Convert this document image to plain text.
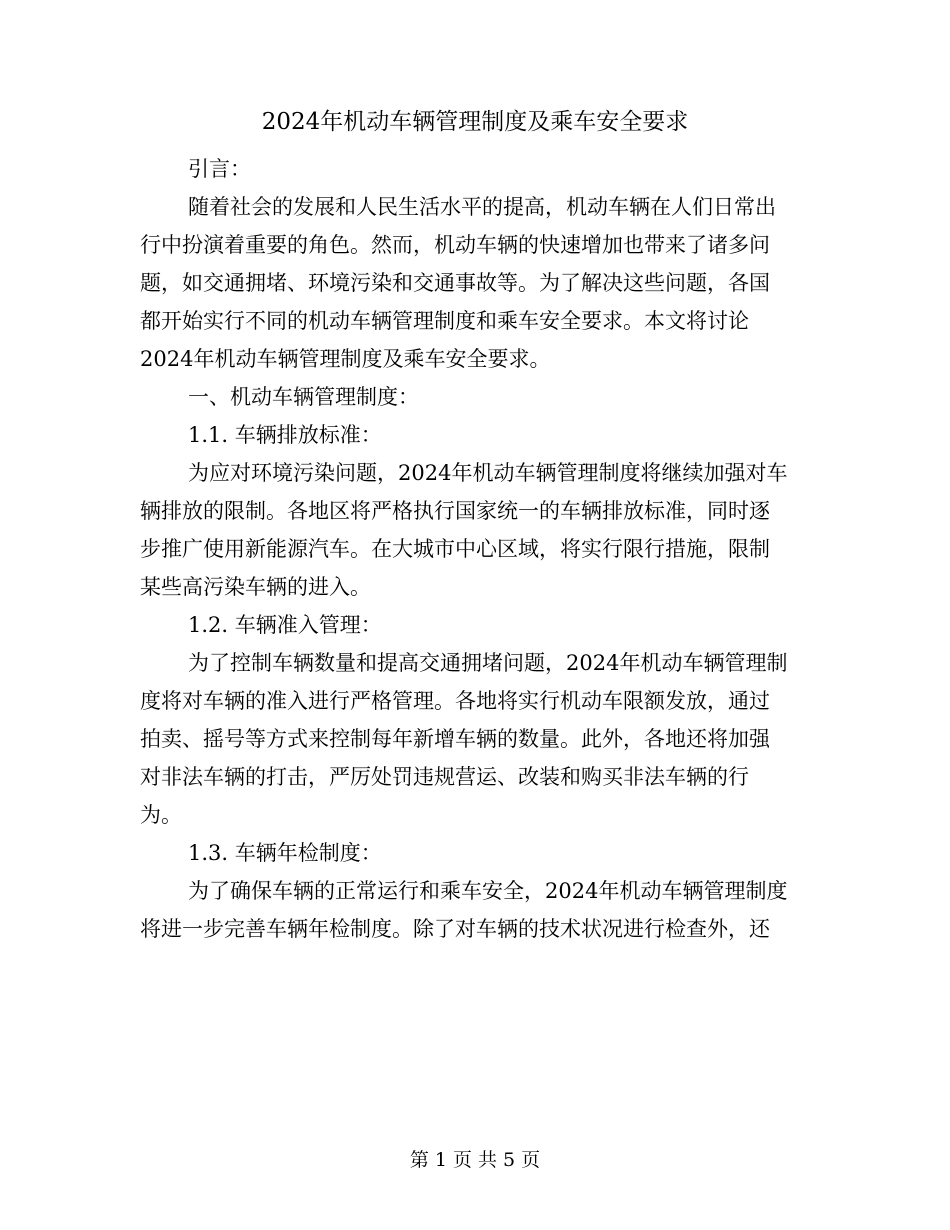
2024年机动车辆管理制度及乘车安全要求
引言：
随着社会的发展和人民生活水平的提高，机动车辆在人们日常出
行中扮演着重要的角色。然而，机动车辆的快速增加也带来了诸多问
题，如交通拥堵、环境污染和交通事故等。为了解决这些问题，各国
都开始实行不同的机动车辆管理制度和乘车安全要求。本文将讨论
2024年机动车辆管理制度及乘车安全要求。
一、机动车辆管理制度：
1.1. 车辆排放标准：
为应对环境污染问题，2024年机动车辆管理制度将继续加强对车
辆排放的限制。各地区将严格执行国家统一的车辆排放标准，同时逐
步推广使用新能源汽车。在大城市中心区域，将实行限行措施，限制
某些高污染车辆的进入。
1.2. 车辆准入管理：
为了控制车辆数量和提高交通拥堵问题，2024年机动车辆管理制
度将对车辆的准入进行严格管理。各地将实行机动车限额发放，通过
拍卖、摇号等方式来控制每年新增车辆的数量。此外，各地还将加强
对非法车辆的打击，严厉处罚违规营运、改装和购买非法车辆的行
为。
1.3. 车辆年检制度：
为了确保车辆的正常运行和乘车安全，2024年机动车辆管理制度
将进一步完善车辆年检制度。除了对车辆的技术状况进行检查外，还
第 1 页 共 5 页
